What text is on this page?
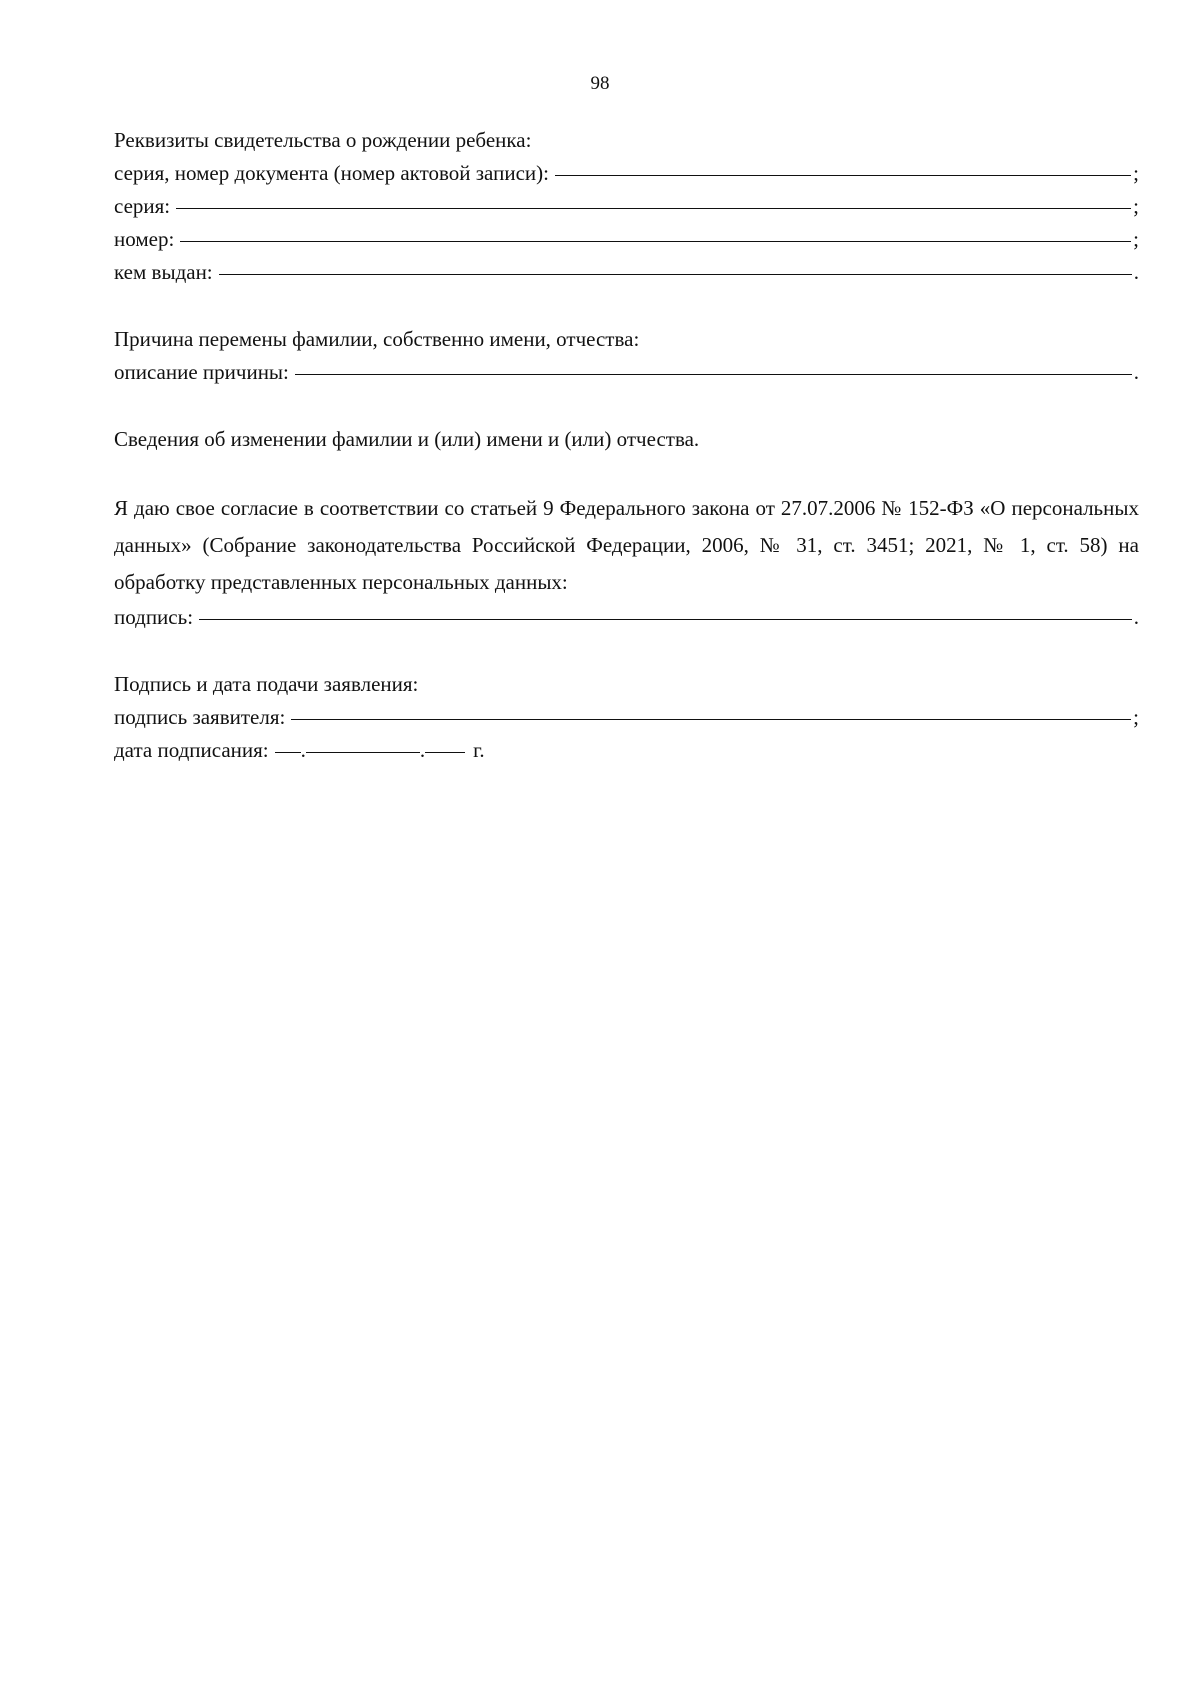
98
Реквизиты свидетельства о рождении ребенка:
серия, номер документа (номер актовой записи):	;
серия:	;
номер:	;
кем выдан:	.
Причина перемены фамилии, собственно имени, отчества:
описание причины:	.
Сведения об изменении фамилии и (или) имени и (или) отчества.

Я даю свое согласие в соответствии со статьей 9 Федерального закона от 27.07.2006 № 152-ФЗ «О персональных данных» (Собрание законодательства Российской Федерации, 2006, № 31, ст. 3451; 2021, № 1, ст. 58) на обработку представленных персональных данных:

подпись:	.
Подпись и дата подачи заявления:
подпись заявителя:	;
дата подписания: .	. г.
